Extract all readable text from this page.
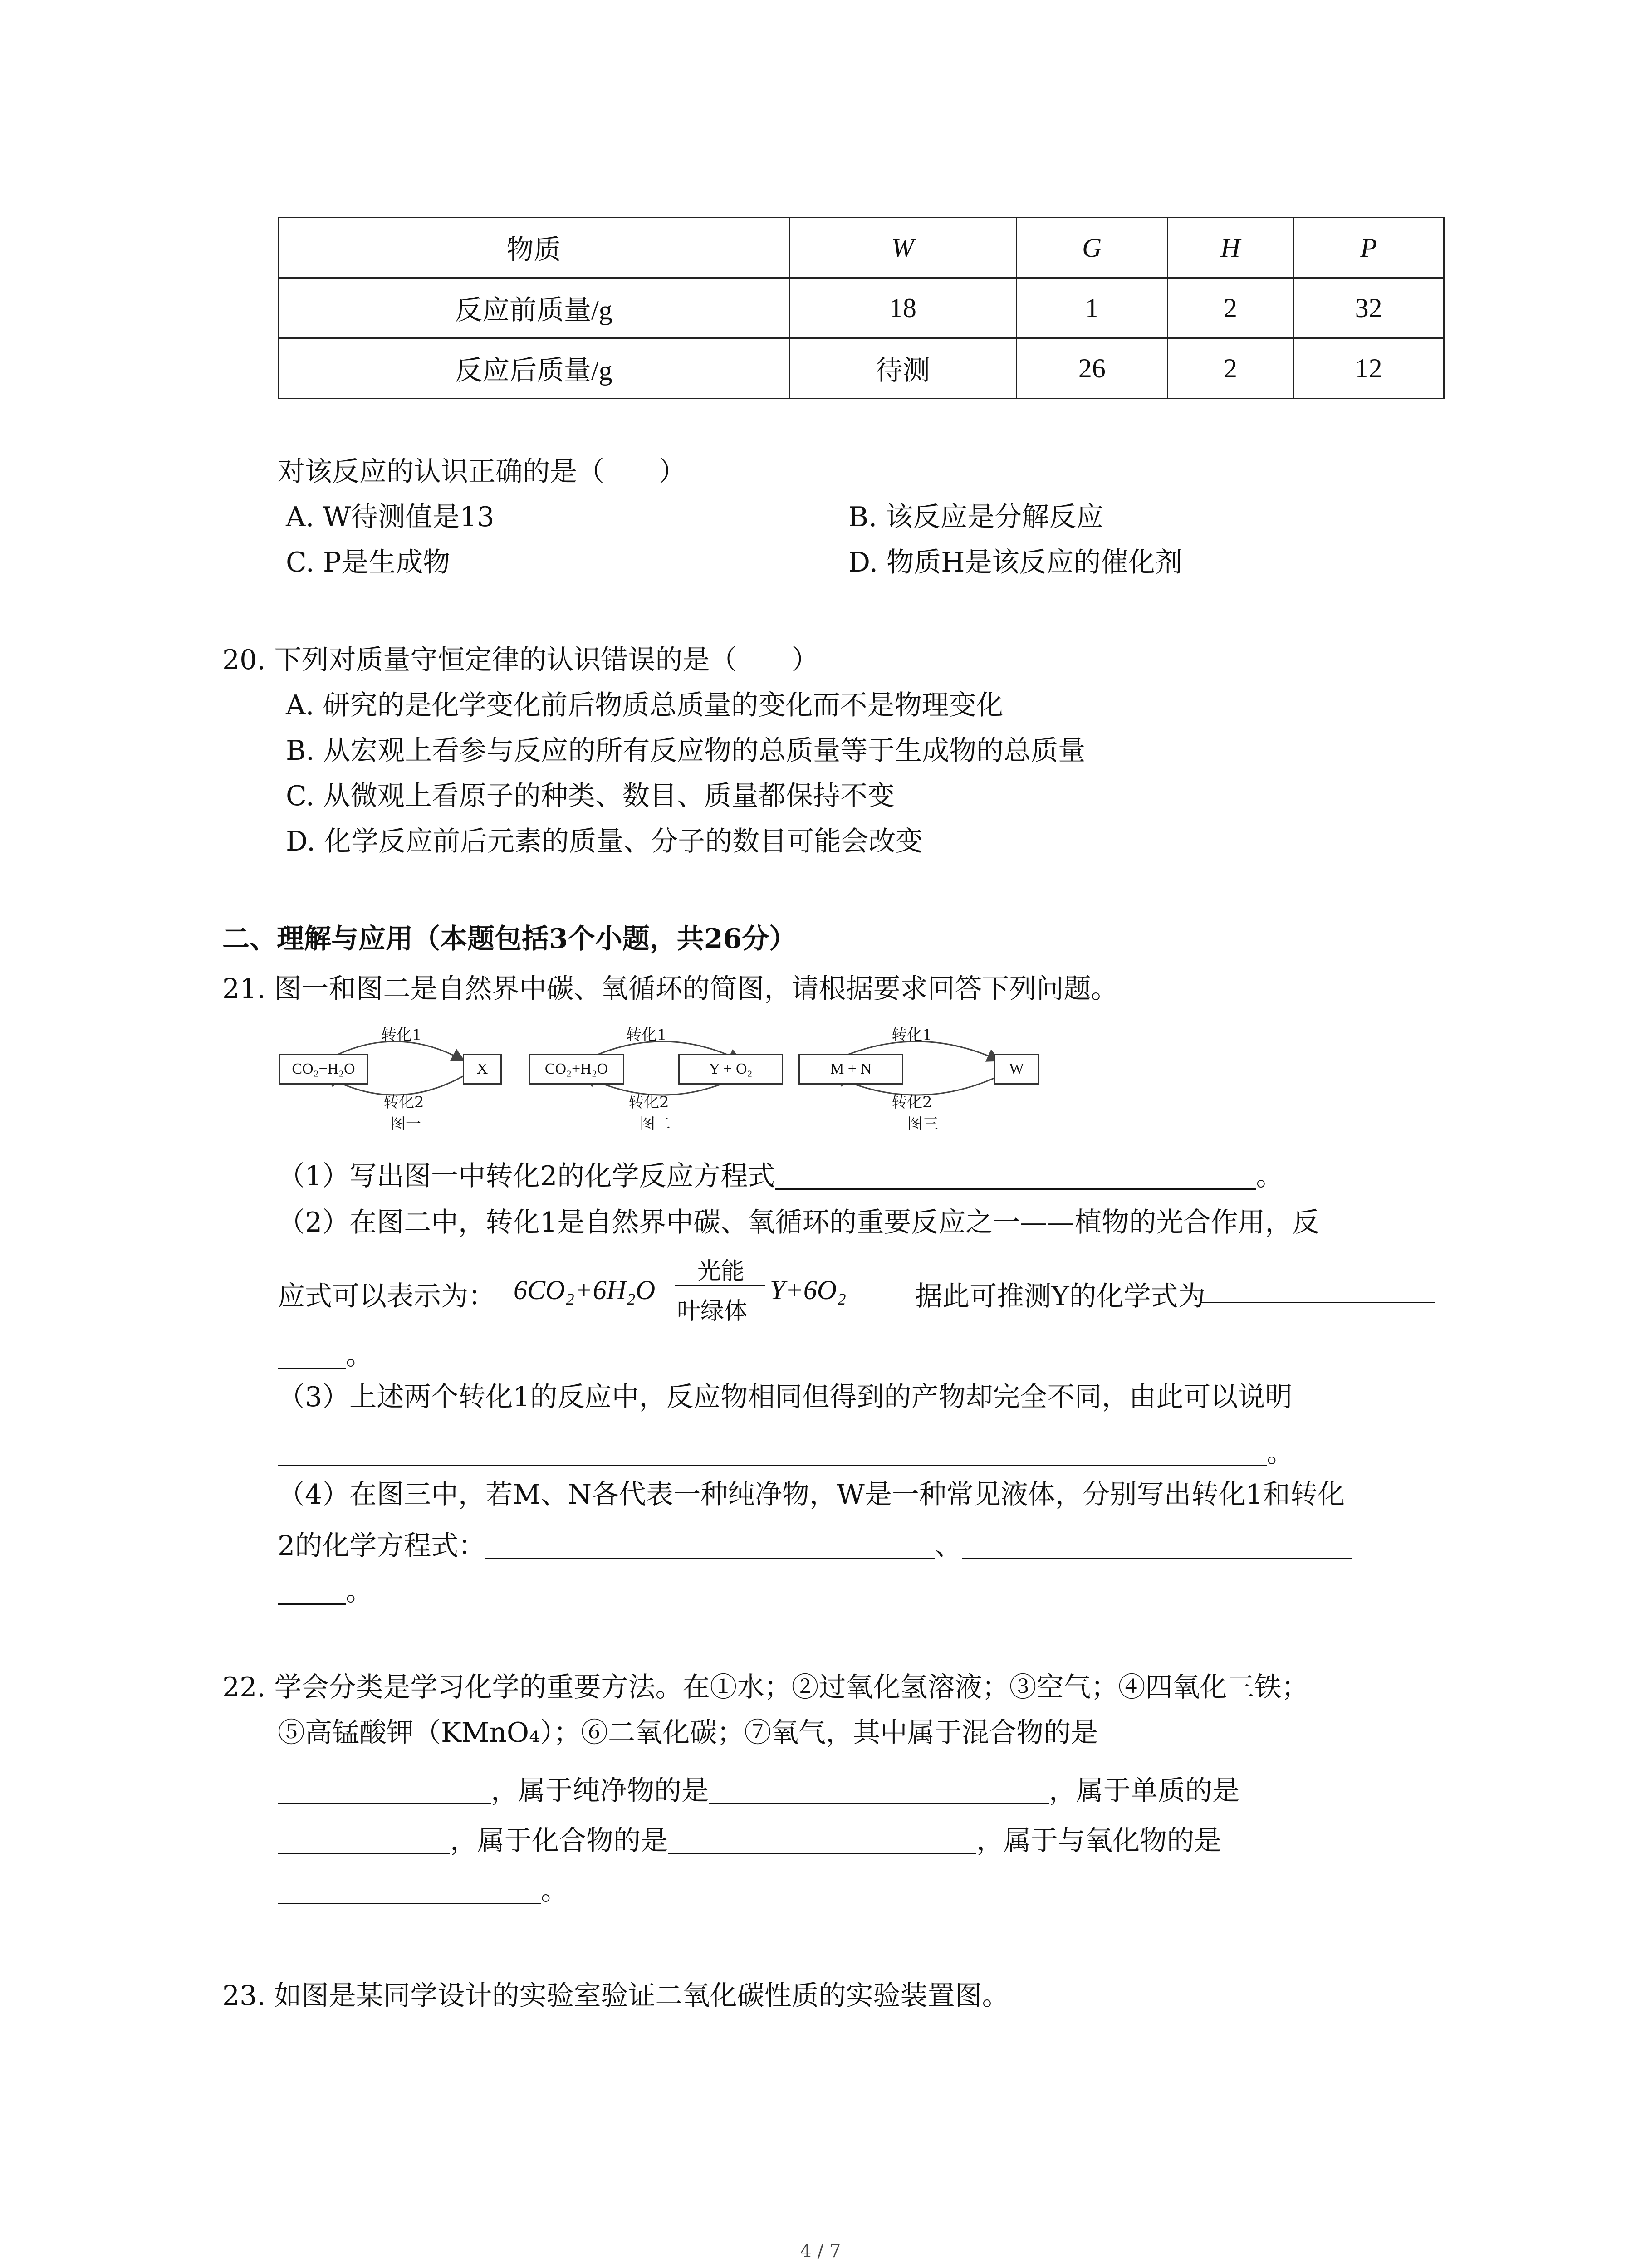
物质	W	G	H	P
反应前质量/g	18	1	2	32
反应后质量/g	待测	26	2	12
对该反应的认识正确的是（　　）
A. W待测值是13	B. 该反应是分解反应
C. P是生成物	D. 物质H是该反应的催化剂
20. 下列对质量守恒定律的认识错误的是（　　）
A. 研究的是化学变化前后物质总质量的变化而不是物理变化
B. 从宏观上看参与反应的所有反应物的总质量等于生成物的总质量
C. 从微观上看原子的种类、数目、质量都保持不变
D. 化学反应前后元素的质量、分子的数目可能会改变
二、理解与应用（本题包括3个小题，共26分）
21. 图一和图二是自然界中碳、氧循环的简图，请根据要求回答下列问题。
CO₂+H₂O	X
转化1
转化2
图一
CO₂+H₂O	Y + O₂
转化1
转化2
图二
M + N	W
转化1
转化2
图三
（1）写出图一中转化2的化学反应方程式	。
（2）在图二中，转化1是自然界中碳、氧循环的重要反应之一——植物的光合作用，反
应式可以表示为： 6CO₂+6H₂O
光能
叶绿体
Y+6O₂	据此可推测Y的化学式为
。
（3）上述两个转化1的反应中，反应物相同但得到的产物却完全不同，由此可以说明
。
（4）在图三中，若M、N各代表一种纯净物，W是一种常见液体，分别写出转化1和转化
2的化学方程式：	、
。
22. 学会分类是学习化学的重要方法。在①水；②过氧化氢溶液；③空气；④四氧化三铁；
⑤高锰酸钾（KMnO₄）；⑥二氧化碳；⑦氧气，其中属于混合物的是
，属于纯净物的是	，属于单质的是
，属于化合物的是	，属于与氧化物的是
。
23. 如图是某同学设计的实验室验证二氧化碳性质的实验装置图。
4 / 7
